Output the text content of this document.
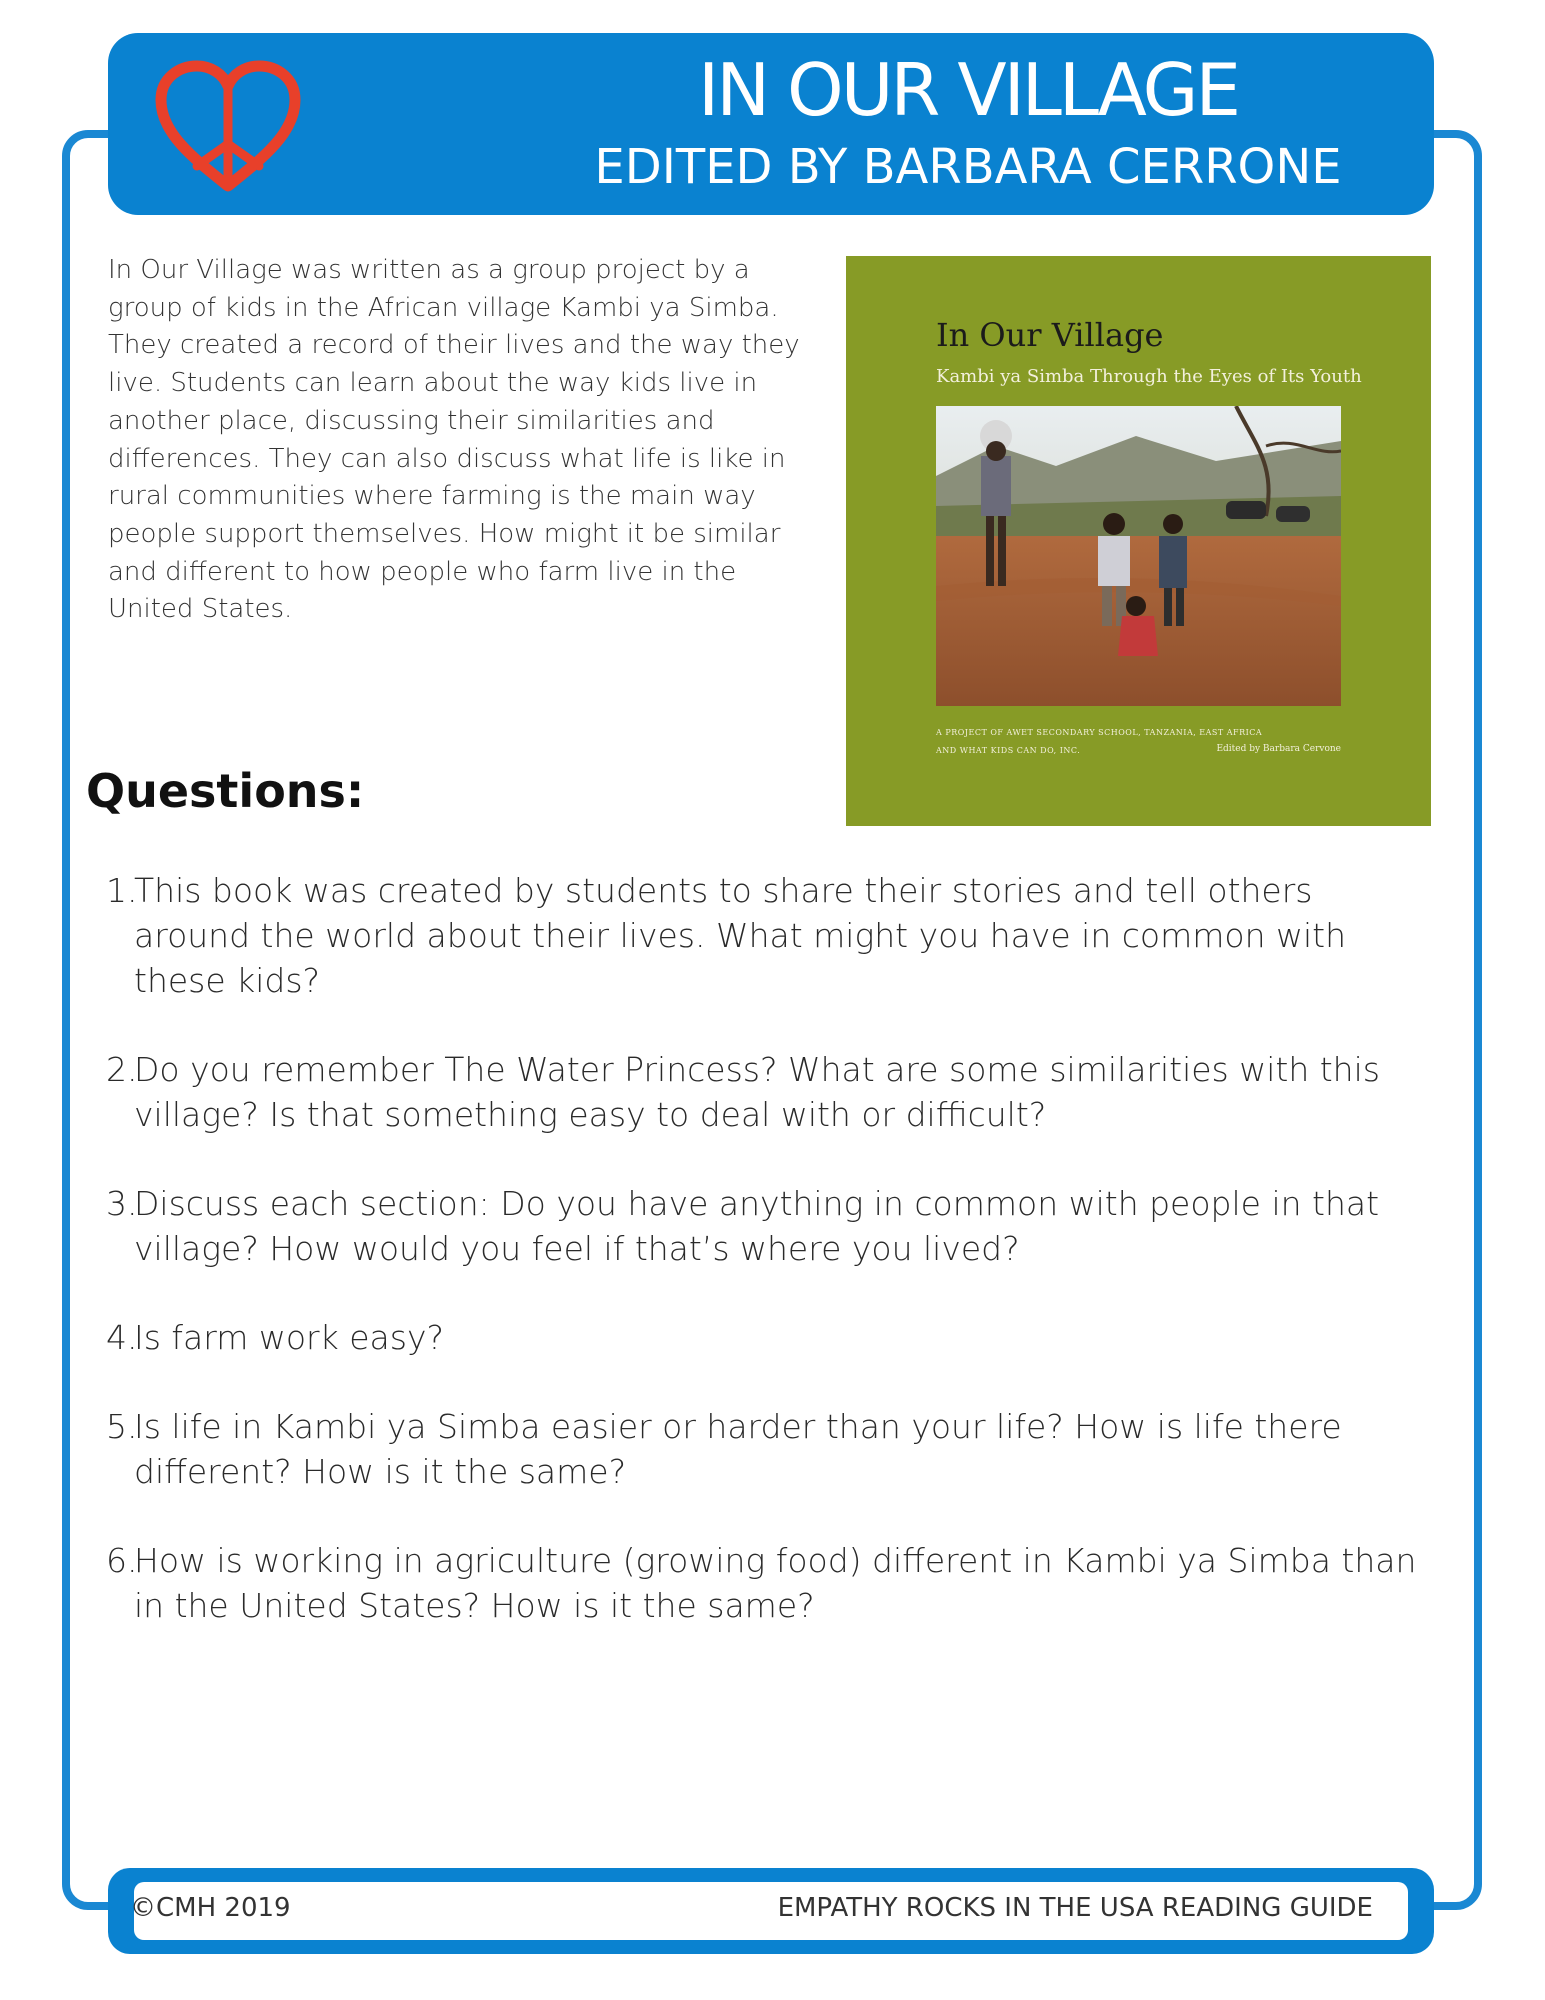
IN OUR VILLAGE
EDITED BY BARBARA CERRONE

In Our Village was written as a group project by a group of kids in the African village Kambi ya Simba. They created a record of their lives and the way they live. Students can learn about the way kids live in another place, discussing their similarities and differences. They can also discuss what life is like in rural communities where farming is the main way people support themselves. How might it be similar and different to how people who farm live in the United States.

In Our Village
Kambi ya Simba Through the Eyes of Its Youth
A PROJECT OF AWET SECONDARY SCHOOL, TANZANIA, EAST AFRICA
AND WHAT KIDS CAN DO, INC.	Edited by Barbara Cervone
Questions:
1.
This book was created by students to share their stories and tell others around the world about their lives. What might you have in common with these kids?
2.
Do you remember The Water Princess? What are some similarities with this village? Is that something easy to deal with or difficult?
3.
Discuss each section: Do you have anything in common with people in that village? How would you feel if that’s where you lived?
4.
Is farm work easy?
5.
Is life in Kambi ya Simba easier or harder than your life? How is life there different? How is it the same?
6.
How is working in agriculture (growing food) different in Kambi ya Simba than in the United States? How is it the same?
©CMH 2019	EMPATHY ROCKS IN THE USA READING GUIDE
